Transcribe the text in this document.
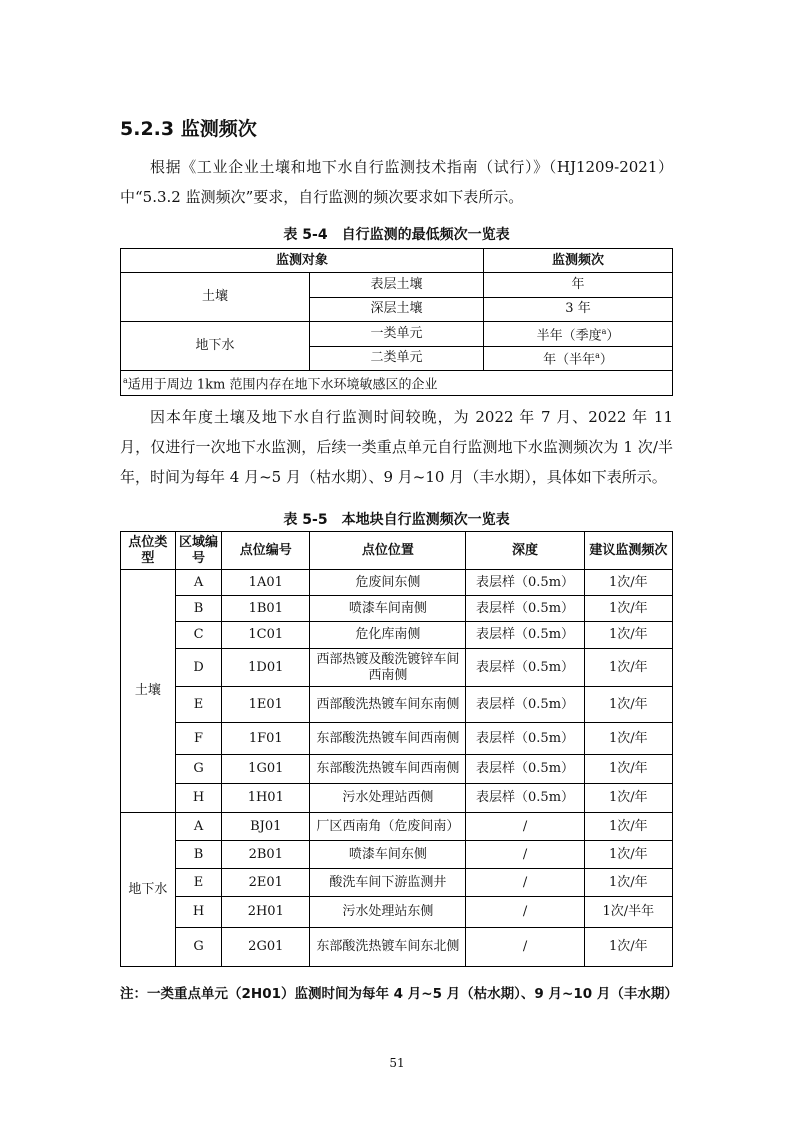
5.2.3 监测频次
根据《工业企业土壤和地下水自行监测技术指南（试行）》（HJ1209-2021）中“5.3.2 监测频次”要求，自行监测的频次要求如下表所示。
表 5-4　自行监测的最低频次一览表
监测对象		监测频次
土壤	表层土壤	年
	深层土壤	3 年
地下水	一类单元	半年（季度$^a$）
	二类单元	年（半年$^a$）
$^a$适用于周边 1km 范围内存在地下水环境敏感区的企业		
因本年度土壤及地下水自行监测时间较晚，为 2022 年 7 月、2022 年 11 月，仅进行一次地下水监测，后续一类重点单元自行监测地下水监测频次为 1 次/半年，时间为每年 4 月~5 月（枯水期）、9 月~10 月（丰水期），具体如下表所示。
表 5-5　本地块自行监测频次一览表
点位类型	区域编号	点位编号	点位位置	深度	建议监测频次
土壤	A	1A01	危废间东侧	表层样（0.5m）	1次/年
	B	1B01	喷漆车间南侧	表层样（0.5m）	1次/年
	C	1C01	危化库南侧	表层样（0.5m）	1次/年
	D	1D01	西部热镀及酸洗镀锌车间西南侧	表层样（0.5m）	1次/年
	E	1E01	西部酸洗热镀车间东南侧	表层样（0.5m）	1次/年
	F	1F01	东部酸洗热镀车间西南侧	表层样（0.5m）	1次/年
	G	1G01	东部酸洗热镀车间西南侧	表层样（0.5m）	1次/年
	H	1H01	污水处理站西侧	表层样（0.5m）	1次/年
地下水	A	BJ01	厂区西南角（危废间南）	/	1次/年
	B	2B01	喷漆车间东侧	/	1次/年
	E	2E01	酸洗车间下游监测井	/	1次/年
	H	2H01	污水处理站东侧	/	1次/半年
	G	2G01	东部酸洗热镀车间东北侧	/	1次/年
注：一类重点单元（2H01）监测时间为每年 4 月~5 月（枯水期）、9 月~10 月（丰水期）
51
